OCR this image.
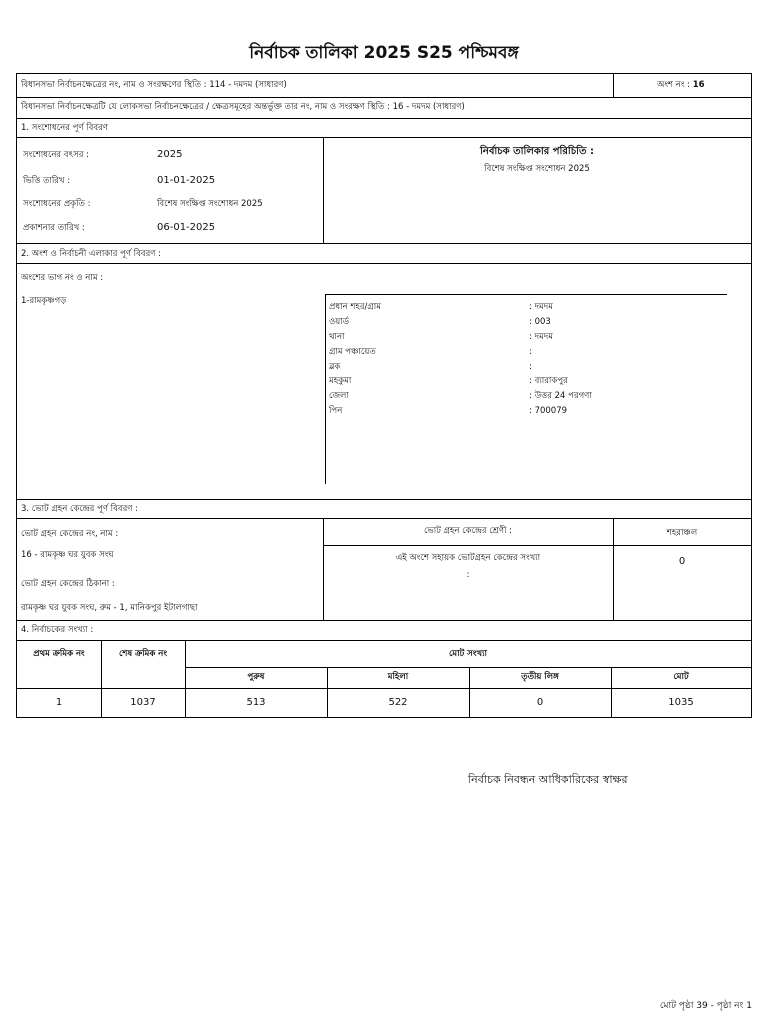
নির্বাচক তালিকা 2025 S25 পশ্চিমবঙ্গ
বিধানসভা নির্বাচনক্ষেত্রের নং, নাম ও সংরক্ষণের স্থিতি : 114 - দমদম (সাধারণ)	অংশ নং : 16
বিধানসভা নির্বাচনক্ষেত্রটি যে লোকসভা নির্বাচনক্ষেত্রের / ক্ষেত্রসমূহের অন্তর্ভুক্ত তার নং, নাম ও সংরক্ষণ স্থিতি : 16 - দমদম (সাধারণ)
1. সংশোধনের পূর্ণ বিবরণ
সংশোধনের বৎসর :	2025
ভিত্তি তারিখ :	01-01-2025
সংশোধনের প্রকৃতি :	বিশেষ সংক্ষিপ্ত সংশোধন 2025
প্রকাশনার তারিখ :	06-01-2025
নির্বাচক তালিকার পরিচিতি :
বিশেষ সংক্ষিপ্ত সংশোধন 2025
2. অংশ ও নির্বাচনী এলাকার পূর্ণ বিবরণ :
অংশের ভাগ নং ও নাম :
1-রামকৃষ্ণগড়
প্রধান শহর/গ্রাম	: দমদম
ওয়ার্ড	: 003
থানা	: দমদম
গ্রাম পঞ্চায়েত	:
ব্লক	:
মহকুমা	: ব্যারাকপুর
জেলা	: উত্তর 24 পরগণা
পিন	: 700079
3. ভোট গ্রহন কেন্দ্রের পূর্ণ বিবরণ :
ভোট গ্রহন কেন্দ্রের নং, নাম :
16 - রামকৃষ্ণ ঘর যুবক সংঘ
ভোট গ্রহন কেন্দ্রের ঠিকানা :
রামকৃষ্ণ ঘর যুবক সংঘ, রুম - 1, মানিকপুর ইটালগাছা
ভোট গ্রহন কেন্দ্রের শ্রেণী :	শহরাঞ্চল
এই অংশে সহায়ক ভোটগ্রহন কেন্দ্রের সংখ্যা
:
0
4. নির্বাচকের সংখ্যা :
প্রথম ক্রমিক নং	শেষ ক্রমিক নং	মোট সংখ্যা
পুরুষ	মহিলা	তৃতীয় লিঙ্গ	মোট
1	1037	513	522	0	1035
নির্বাচক নিবন্ধন আধিকারিকের স্বাক্ষর
মোট পৃষ্ঠা 39 - পৃষ্ঠা নং 1
